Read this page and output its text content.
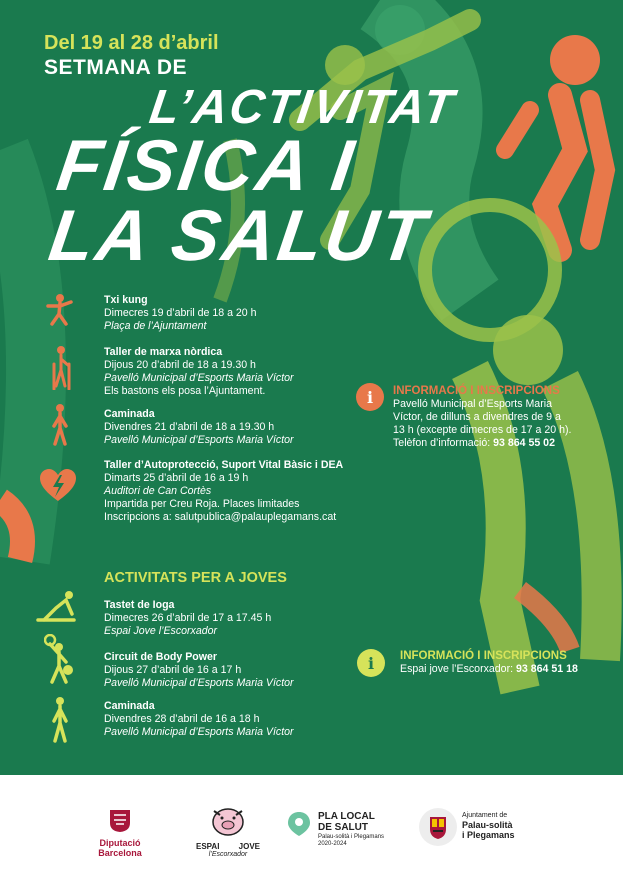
Del 19 al 28 d’abril
SETMANA DE
L’ACTIVITAT
FÍSICA I
LA SALUT
Txi kung
Dimecres 19 d’abril de 18 a 20 h
Plaça de l’Ajuntament
Taller de marxa nòrdica
Dijous 20 d’abril de 18 a 19.30 h
Pavelló Municipal d’Esports Maria Víctor
Els bastons els posa l’Ajuntament.
Caminada
Divendres 21 d’abril de 18 a 19.30 h
Pavelló Municipal d’Esports Maria Víctor
Taller d’Autoprotecció, Suport Vital Bàsic i DEA
Dimarts 25 d’abril de 16 a 19 h
Auditori de Can Cortès
Impartida per Creu Roja. Places limitades
Inscripcions a: salutpublica@palauplegamans.cat
i	INFORMACIÓ I INSCRIPCIONS
Pavelló Municipal d’Esports Maria
Víctor, de dilluns a divendres de 9 a
13 h (excepte dimecres de 17 a 20 h).
Telèfon d’informació: 93 864 55 02
ACTIVITATS PER A JOVES
Tastet de Ioga
Dimecres 26 d’abril de 17 a 17.45 h
Espai Jove l’Escorxador
Circuit de Body Power
Dijous 27 d’abril de 16 a 17 h
Pavelló Municipal d’Esports Maria Víctor
Caminada
Divendres 28 d’abril de 16 a 18 h
Pavelló Municipal d’Esports Maria Víctor
i	INFORMACIÓ I INSCRIPCIONS
Espai jove l’Escorxador: 93 864 51 18
Diputació
Barcelona
ESPAI JOVE
l’Escorxador
PLA LOCAL
DE SALUT
Palau-solità i Plegamans
2020-2024
Ajuntament de
Palau-solità
i Plegamans
